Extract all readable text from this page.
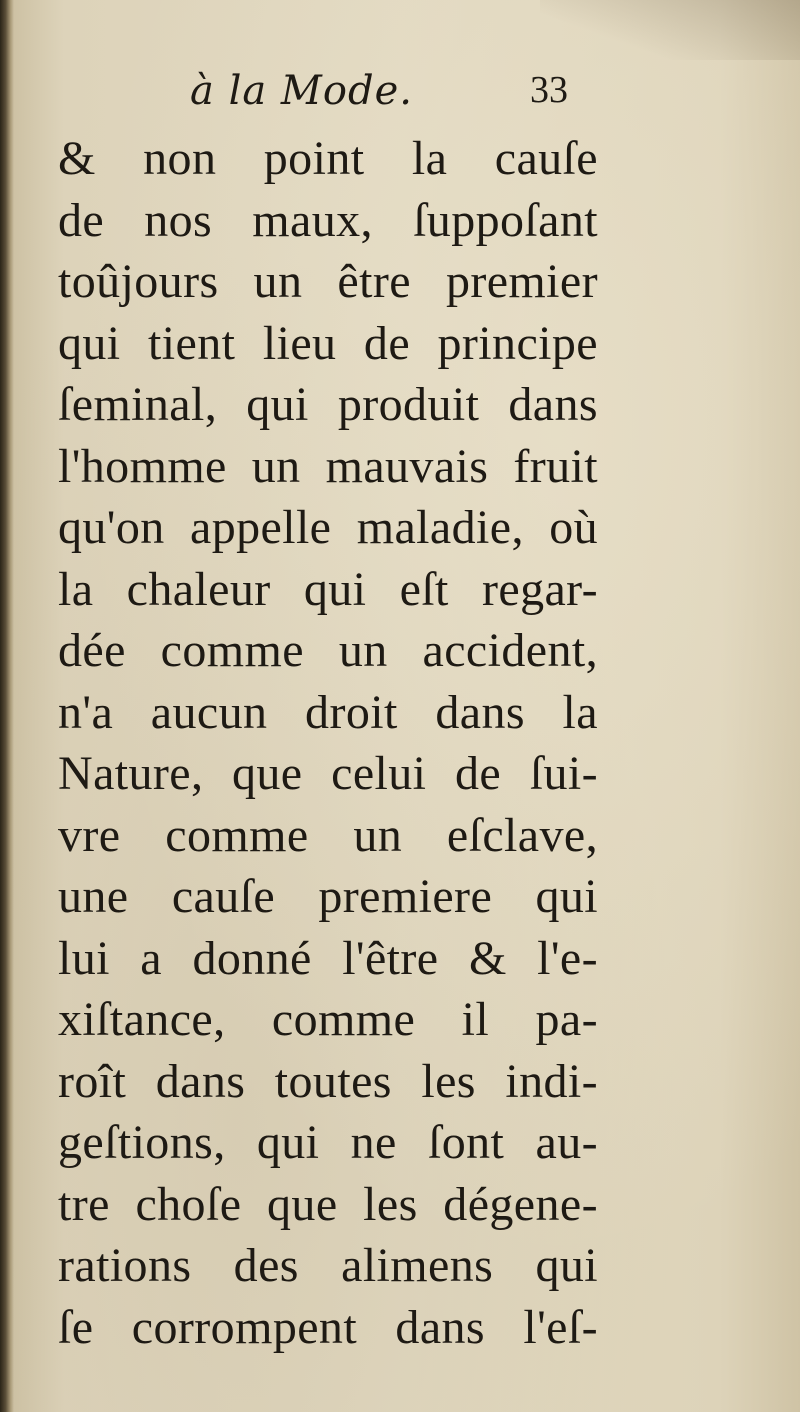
à la Mode.	33
& non point la cauſe
de nos maux, ſuppoſant
toûjours un être premier
qui tient lieu de principe
ſeminal, qui produit dans
l'homme un mauvais fruit
qu'on appelle maladie, où
la chaleur qui eſt regar-
dée comme un accident,
n'a aucun droit dans la
Nature, que celui de ſui-
vre comme un eſclave,
une cauſe premiere qui
lui a donné l'être & l'e-
xiſtance, comme il pa-
roît dans toutes les indi-
geſtions, qui ne ſont au-
tre choſe que les dégene-
rations des alimens qui
ſe corrompent dans l'eſ-
